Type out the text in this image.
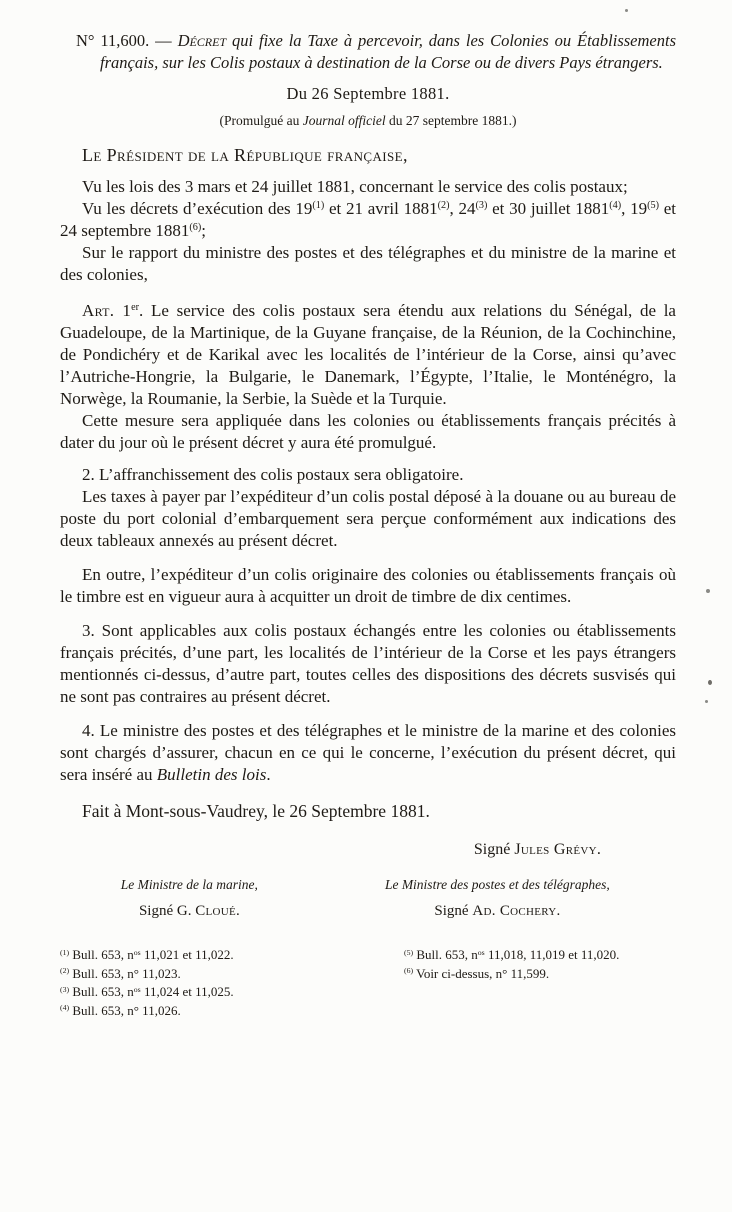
N° 11,600. — Décret qui fixe la Taxe à percevoir, dans les Colonies ou Établissements français, sur les Colis postaux à destination de la Corse ou de divers Pays étrangers.

Du 26 Septembre 1881.

(Promulgué au Journal officiel du 27 septembre 1881.)

Le Président de la République française,

Vu les lois des 3 mars et 24 juillet 1881, concernant le service des colis postaux;

Vu les décrets d’exécution des 19$^{(1)}$ et 21 avril 1881$^{(2)}$, 24$^{(3)}$ et 30 juillet 1881$^{(4)}$, 19$^{(5)}$ et 24 septembre 1881$^{(6)}$;

Sur le rapport du ministre des postes et des télégraphes et du ministre de la marine et des colonies,

Art. 1er. Le service des colis postaux sera étendu aux relations du Sénégal, de la Guadeloupe, de la Martinique, de la Guyane française, de la Réunion, de la Cochinchine, de Pondichéry et de Karikal avec les localités de l’intérieur de la Corse, ainsi qu’avec l’Autriche-Hongrie, la Bulgarie, le Danemark, l’Égypte, l’Italie, le Monténégro, la Norwège, la Roumanie, la Serbie, la Suède et la Turquie.

Cette mesure sera appliquée dans les colonies ou établissements français précités à dater du jour où le présent décret y aura été promulgué.

2. L’affranchissement des colis postaux sera obligatoire.

Les taxes à payer par l’expéditeur d’un colis postal déposé à la douane ou au bureau de poste du port colonial d’embarquement sera perçue conformément aux indications des deux tableaux annexés au présent décret.

En outre, l’expéditeur d’un colis originaire des colonies ou établissements français où le timbre est en vigueur aura à acquitter un droit de timbre de dix centimes.

3. Sont applicables aux colis postaux échangés entre les colonies ou établissements français précités, d’une part, les localités de l’intérieur de la Corse et les pays étrangers mentionnés ci-dessus, d’autre part, toutes celles des dispositions des décrets susvisés qui ne sont pas contraires au présent décret.

4. Le ministre des postes et des télégraphes et le ministre de la marine et des colonies sont chargés d’assurer, chacun en ce qui le concerne, l’exécution du présent décret, qui sera inséré au Bulletin des lois.

Fait à Mont-sous-Vaudrey, le 26 Septembre 1881.

Signé Jules Grévy.

Le Ministre de la marine,

Signé G. Cloué.

Le Ministre des postes et des télégraphes,

Signé Ad. Cochery.

$^{(1)}$ Bull. 653, $n^{os}$ 11,021 et 11,022.
$^{(2)}$ Bull. 653, n° 11,023.
$^{(3)}$ Bull. 653, $n^{os}$ 11,024 et 11,025.
$^{(4)}$ Bull. 653, n° 11,026.
$^{(5)}$ Bull. 653, $n^{os}$ 11,018, 11,019 et 11,020.
$^{(6)}$ Voir ci-dessus, n° 11,599.
